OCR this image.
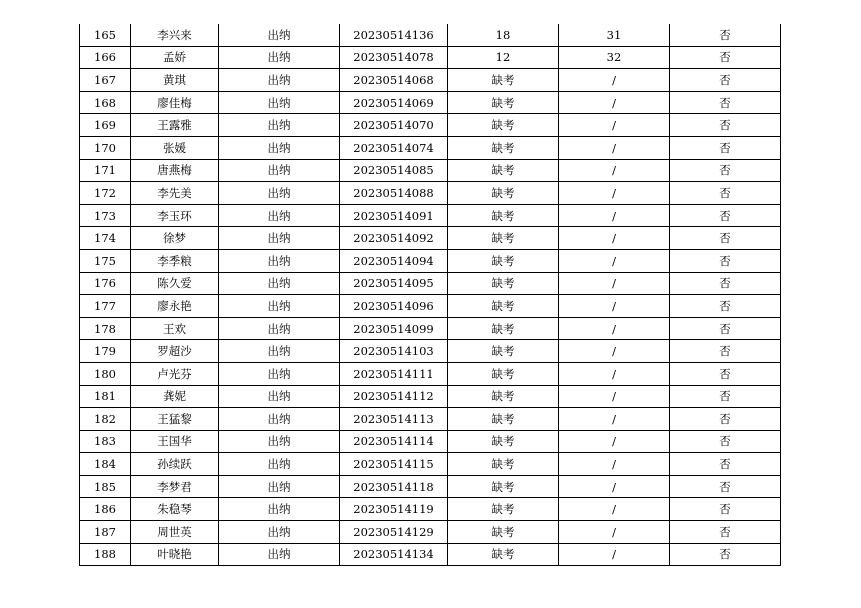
165	李兴来	出纳	20230514136	18	31	否
166	孟娇	出纳	20230514078	12	32	否
167	黄琪	出纳	20230514068	缺考	/	否
168	廖佳梅	出纳	20230514069	缺考	/	否
169	王露雅	出纳	20230514070	缺考	/	否
170	张媛	出纳	20230514074	缺考	/	否
171	唐燕梅	出纳	20230514085	缺考	/	否
172	李先美	出纳	20230514088	缺考	/	否
173	李玉环	出纳	20230514091	缺考	/	否
174	徐梦	出纳	20230514092	缺考	/	否
175	李季粮	出纳	20230514094	缺考	/	否
176	陈久爱	出纳	20230514095	缺考	/	否
177	廖永艳	出纳	20230514096	缺考	/	否
178	王欢	出纳	20230514099	缺考	/	否
179	罗超沙	出纳	20230514103	缺考	/	否
180	卢光芬	出纳	20230514111	缺考	/	否
181	龚妮	出纳	20230514112	缺考	/	否
182	王猛黎	出纳	20230514113	缺考	/	否
183	王国华	出纳	20230514114	缺考	/	否
184	孙续跃	出纳	20230514115	缺考	/	否
185	李梦君	出纳	20230514118	缺考	/	否
186	朱稳琴	出纳	20230514119	缺考	/	否
187	周世英	出纳	20230514129	缺考	/	否
188	叶晓艳	出纳	20230514134	缺考	/	否
